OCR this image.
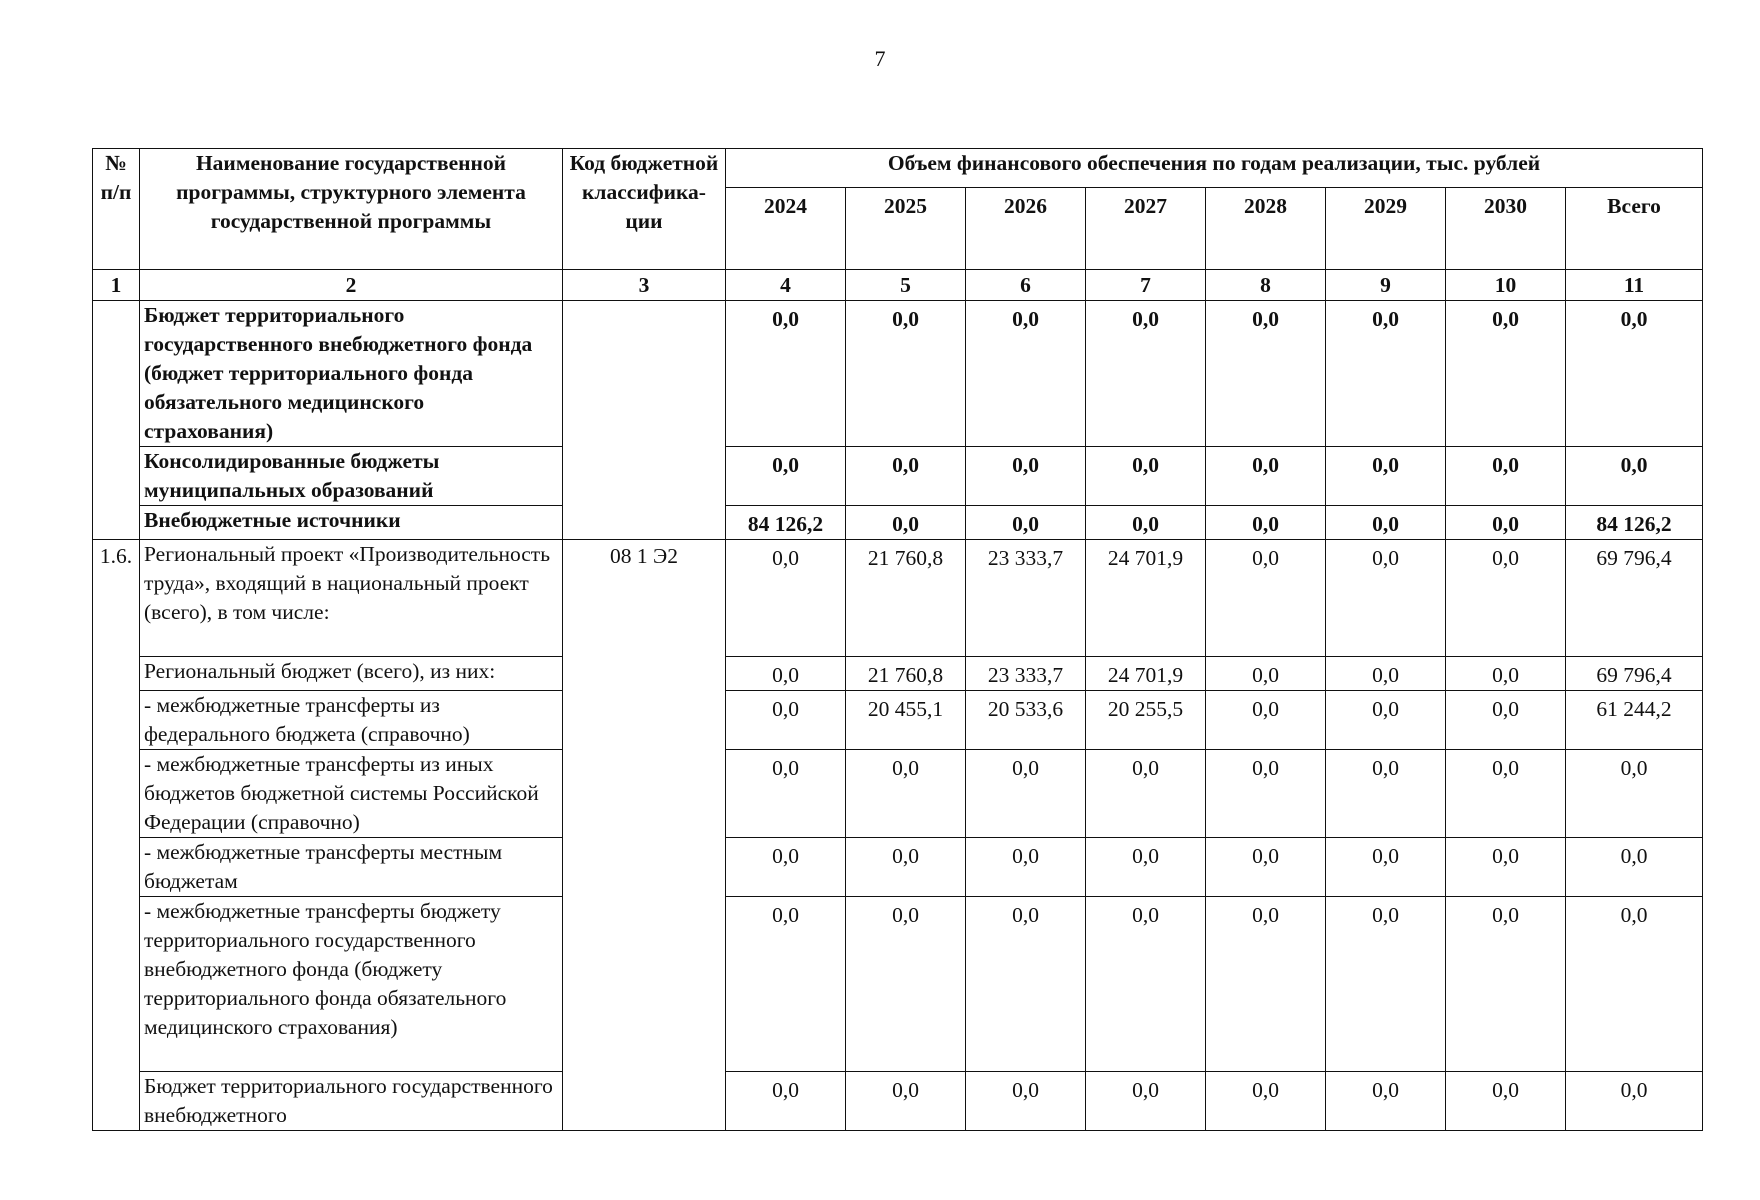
7
№ п/п	Наименование государственной программы, структурного элемента государственной программы	Код бюджетной классифика-ции	Объем финансового обеспечения по годам реализации, тыс. рублей							
			2024	2025	2026	2027	2028	2029	2030	Всего
1	2	3	4	5	6	7	8	9	10	11
	Бюджет территориального государственного внебюджетного фонда (бюджет территориального фонда обязательного медицинского страхования)		0,0	0,0	0,0	0,0	0,0	0,0	0,0	0,0
	Консолидированные бюджеты муниципальных образований		0,0	0,0	0,0	0,0	0,0	0,0	0,0	0,0
	Внебюджетные источники		84 126,2	0,0	0,0	0,0	0,0	0,0	0,0	84 126,2
1.6.	Региональный проект «Производительность труда», входящий в национальный проект (всего), в том числе:	08 1 Э2	0,0	21 760,8	23 333,7	24 701,9	0,0	0,0	0,0	69 796,4
	Региональный бюджет (всего), из них:		0,0	21 760,8	23 333,7	24 701,9	0,0	0,0	0,0	69 796,4
	- межбюджетные трансферты из федерального бюджета (справочно)		0,0	20 455,1	20 533,6	20 255,5	0,0	0,0	0,0	61 244,2
	- межбюджетные трансферты из иных бюджетов бюджетной системы Российской Федерации (справочно)		0,0	0,0	0,0	0,0	0,0	0,0	0,0	0,0
	- межбюджетные трансферты местным бюджетам		0,0	0,0	0,0	0,0	0,0	0,0	0,0	0,0
	- межбюджетные трансферты бюджету территориального государственного внебюджетного фонда (бюджету территориального фонда обязательного медицинского страхования)		0,0	0,0	0,0	0,0	0,0	0,0	0,0	0,0
	Бюджет территориального государственного внебюджетного		0,0	0,0	0,0	0,0	0,0	0,0	0,0	0,0
